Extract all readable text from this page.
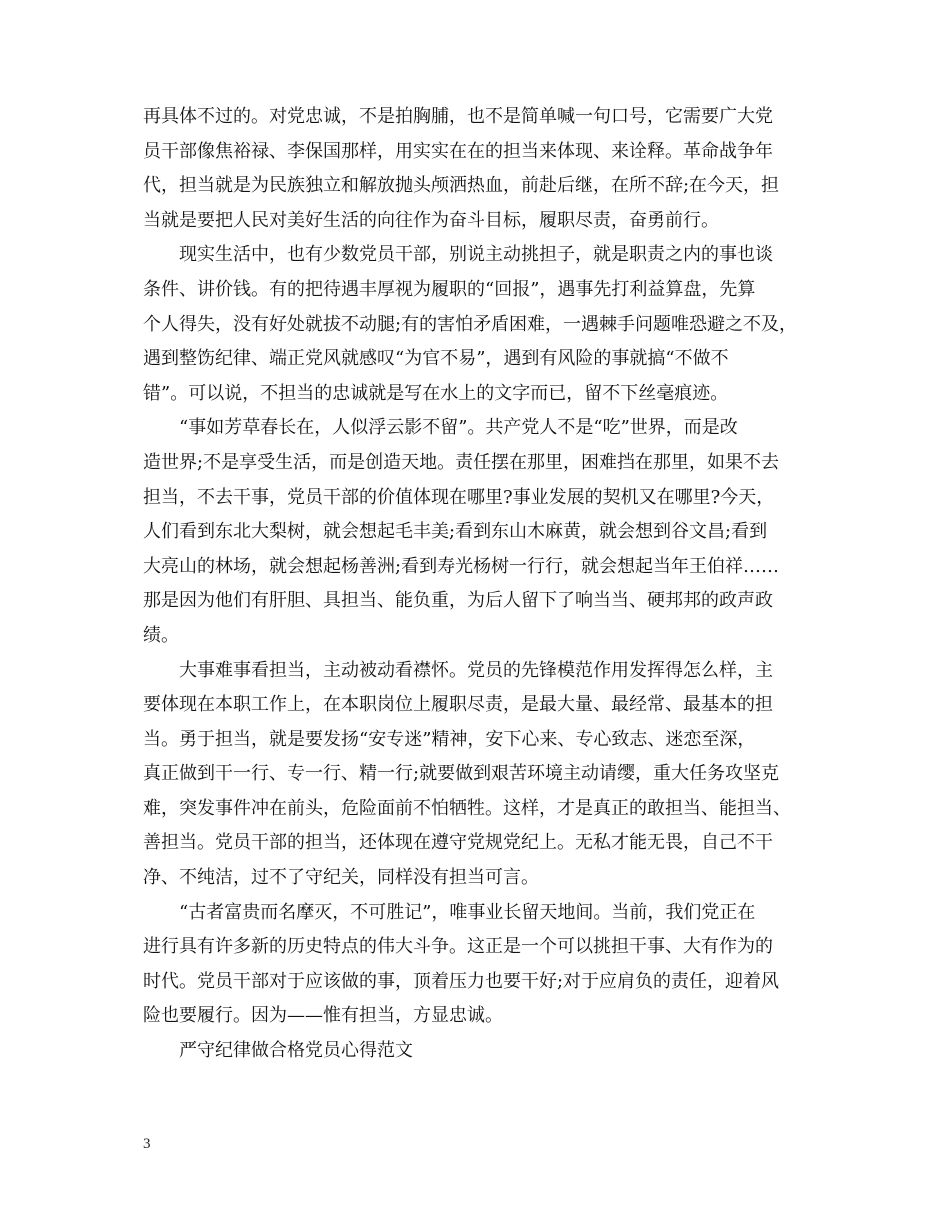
再具体不过的。对党忠诚，不是拍胸脯，也不是简单喊一句口号，它需要广大党
员干部像焦裕禄、李保国那样，用实实在在的担当来体现、来诠释。革命战争年
代，担当就是为民族独立和解放抛头颅洒热血，前赴后继，在所不辞;在今天，担
当就是要把人民对美好生活的向往作为奋斗目标，履职尽责，奋勇前行。
　　现实生活中，也有少数党员干部，别说主动挑担子，就是职责之内的事也谈
条件、讲价钱。有的把待遇丰厚视为履职的“回报”，遇事先打利益算盘，先算
个人得失，没有好处就拔不动腿;有的害怕矛盾困难，一遇棘手问题唯恐避之不及，
遇到整饬纪律、端正党风就感叹“为官不易”，遇到有风险的事就搞“不做不
错”。可以说，不担当的忠诚就是写在水上的文字而已，留不下丝毫痕迹。
　　“事如芳草春长在，人似浮云影不留”。共产党人不是“吃”世界，而是改
造世界;不是享受生活，而是创造天地。责任摆在那里，困难挡在那里，如果不去
担当，不去干事，党员干部的价值体现在哪里?事业发展的契机又在哪里?今天，
人们看到东北大梨树，就会想起毛丰美;看到东山木麻黄，就会想到谷文昌;看到
大亮山的林场，就会想起杨善洲;看到寿光杨树一行行，就会想起当年王伯祥……
那是因为他们有肝胆、具担当、能负重，为后人留下了响当当、硬邦邦的政声政
绩。
　　大事难事看担当，主动被动看襟怀。党员的先锋模范作用发挥得怎么样，主
要体现在本职工作上，在本职岗位上履职尽责，是最大量、最经常、最基本的担
当。勇于担当，就是要发扬“安专迷”精神，安下心来、专心致志、迷恋至深，
真正做到干一行、专一行、精一行;就要做到艰苦环境主动请缨，重大任务攻坚克
难，突发事件冲在前头，危险面前不怕牺牲。这样，才是真正的敢担当、能担当、
善担当。党员干部的担当，还体现在遵守党规党纪上。无私才能无畏，自己不干
净、不纯洁，过不了守纪关，同样没有担当可言。
　　“古者富贵而名摩灭，不可胜记”，唯事业长留天地间。当前，我们党正在
进行具有许多新的历史特点的伟大斗争。这正是一个可以挑担干事、大有作为的
时代。党员干部对于应该做的事，顶着压力也要干好;对于应肩负的责任，迎着风
险也要履行。因为——惟有担当，方显忠诚。
　　严守纪律做合格党员心得范文
3
